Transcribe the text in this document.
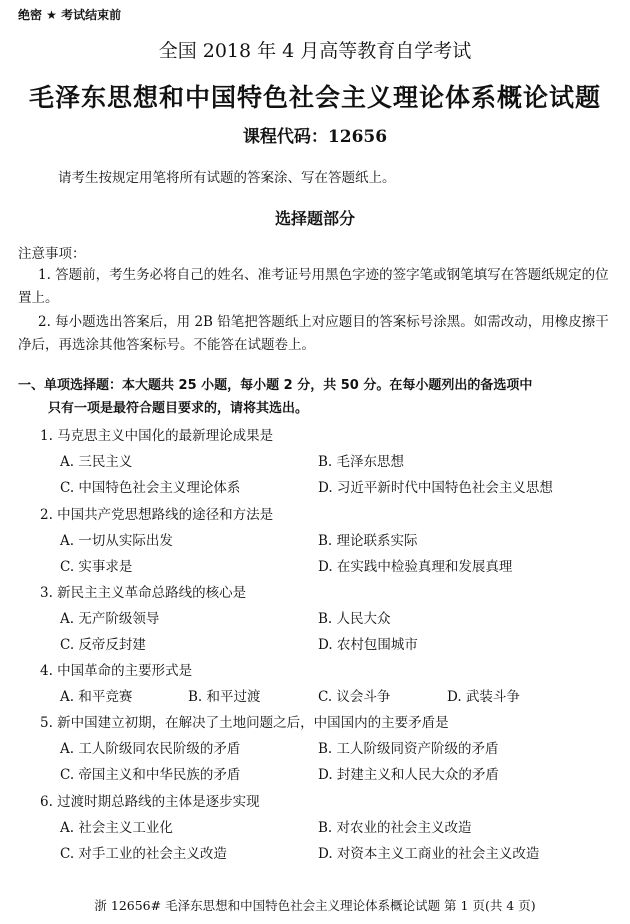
绝密 ★ 考试结束前
全国 2018 年 4 月高等教育自学考试
毛泽东思想和中国特色社会主义理论体系概论试题
课程代码：12656
请考生按规定用笔将所有试题的答案涂、写在答题纸上。
选择题部分
注意事项：
1. 答题前，考生务必将自己的姓名、准考证号用黑色字迹的签字笔或钢笔填写在答题纸规定的位置上。
2. 每小题选出答案后，用 2B 铅笔把答题纸上对应题目的答案标号涂黑。如需改动，用橡皮擦干净后，再选涂其他答案标号。不能答在试题卷上。
一、单项选择题：本大题共 25 小题，每小题 2 分，共 50 分。在每小题列出的备选项中
只有一项是最符合题目要求的，请将其选出。
1. 马克思主义中国化的最新理论成果是
A. 三民主义	B. 毛泽东思想
C. 中国特色社会主义理论体系	D. 习近平新时代中国特色社会主义思想
2. 中国共产党思想路线的途径和方法是
A. 一切从实际出发	B. 理论联系实际
C. 实事求是	D. 在实践中检验真理和发展真理
3. 新民主主义革命总路线的核心是
A. 无产阶级领导	B. 人民大众
C. 反帝反封建	D. 农村包围城市
4. 中国革命的主要形式是
A. 和平竞赛	B. 和平过渡	C. 议会斗争	D. 武装斗争
5. 新中国建立初期，在解决了土地问题之后，中国国内的主要矛盾是
A. 工人阶级同农民阶级的矛盾	B. 工人阶级同资产阶级的矛盾
C. 帝国主义和中华民族的矛盾	D. 封建主义和人民大众的矛盾
6. 过渡时期总路线的主体是逐步实现
A. 社会主义工业化	B. 对农业的社会主义改造
C. 对手工业的社会主义改造	D. 对资本主义工商业的社会主义改造
浙 12656# 毛泽东思想和中国特色社会主义理论体系概论试题 第 1 页(共 4 页)
